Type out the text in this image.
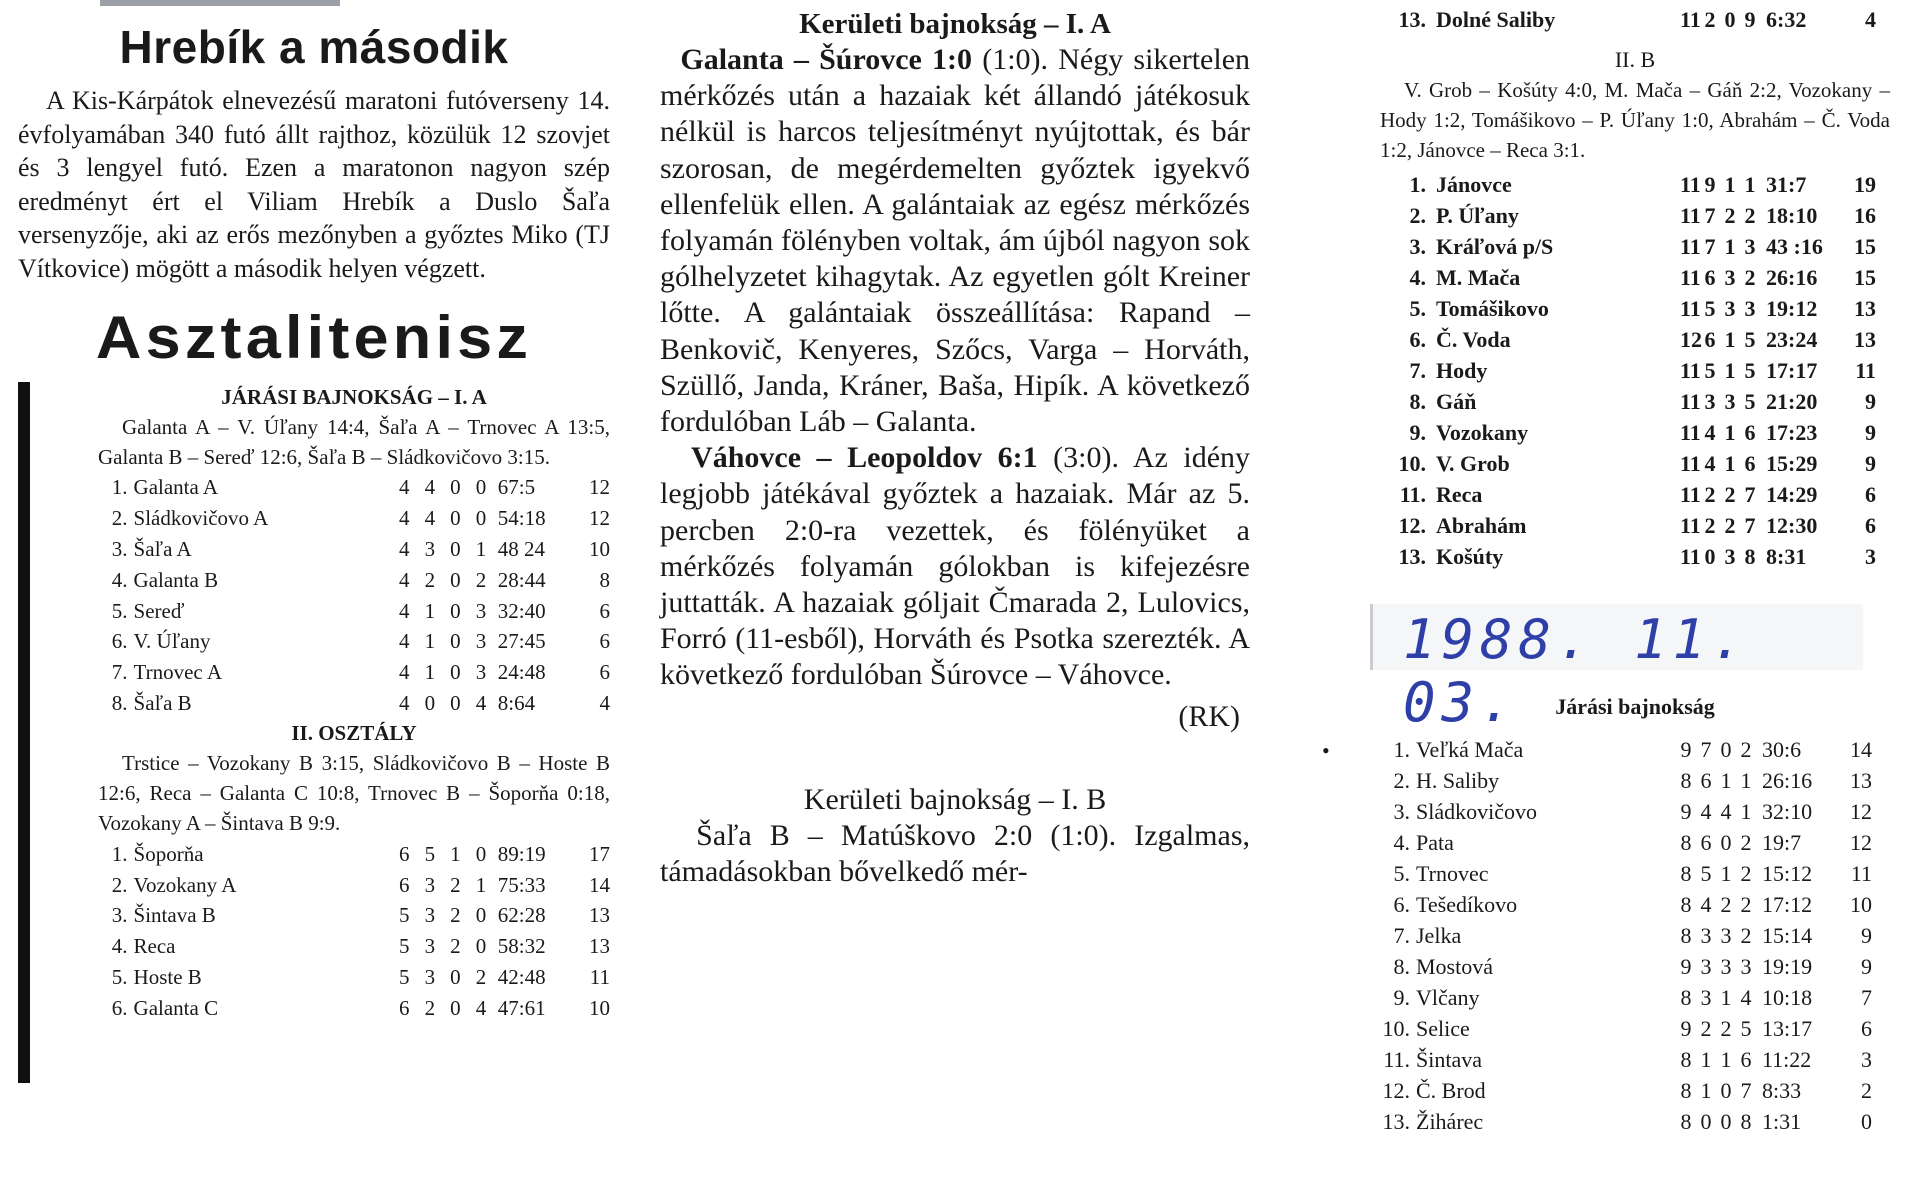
Hrebík a második

A Kis-Kárpátok elnevezésű maratoni futóverseny 14. évfolyamában 340 futó állt rajthoz, közülük 12 szovjet és 3 lengyel futó. Ezen a maratonon nagyon szép eredményt ért el Viliam Hrebík a Duslo Šaľa versenyzője, aki az erős mezőnyben a győztes Miko (TJ Vítkovice) mögött a második helyen végzett.

Asztalitenisz
JÁRÁSI BAJNOKSÁG – I. A
Galanta A – V. Úľany 14:4, Šaľa A – Trnovec A 13:5, Galanta B – Sereď 12:6, Šaľa B – Sládkovičovo 3:15.
1. Galanta A	4 4 0 0 67:5	12
2. Sládkovičovo A	4 4 0 0 54:18	12
3. Šaľa A	4 3 0 1 48 24	10
4. Galanta B	4 2 0 2 28:44	8
5. Sereď	4 1 0 3 32:40	6
6. V. Úľany	4 1 0 3 27:45	6
7. Trnovec A	4 1 0 3 24:48	6
8. Šaľa B	4 0 0 4 8:64	4
II. OSZTÁLY
Trstice – Vozokany B 3:15, Sládkovičovo B – Hoste B 12:6, Reca – Galanta C 10:8, Trnovec B – Šoporňa 0:18, Vozokany A – Šintava B 9:9.
1. Šoporňa	6 5 1 0 89:19	17
2. Vozokany A	6 3 2 1 75:33	14
3. Šintava B	5 3 2 0 62:28	13
4. Reca	5 3 2 0 58:32	13
5. Hoste B	5 3 0 2 42:48	11
6. Galanta C	6 2 0 4 47:61	10
Kerületi bajnokság – I. A

Galanta – Šúrovce 1:0 (1:0). Négy sikertelen mérkőzés után a hazaiak két állandó játékosuk nélkül is harcos teljesítményt nyújtottak, és bár szorosan, de megérdemelten győztek igyekvő ellenfelük ellen. A galántaiak az egész mérkőzés folyamán fölényben voltak, ám újból nagyon sok gólhelyzetet kihagytak. Az egyetlen gólt Kreiner lőtte. A galántaiak összeállítása: Rapand – Benkovič, Kenyeres, Szőcs, Varga – Horváth, Szüllő, Janda, Kráner, Baša, Hipík. A következő fordulóban Láb – Galanta.

Váhovce – Leopoldov 6:1 (3:0). Az idény legjobb játékával győztek a hazaiak. Már az 5. percben 2:0-ra vezettek, és fölényüket a mérkőzés folyamán gólokban is kifejezésre juttatták. A hazaiak góljait Čmarada 2, Lulovics, Forró (11-esből), Horváth és Psotka szerezték. A következő fordulóban Šúrovce – Váhovce.

(RK)
Kerületi bajnokság – I. B

Šaľa B – Matúškovo 2:0 (1:0). Izgalmas, támadásokban bővelkedő mér-

13. Dolné Saliby	11 2 0 9 6:32	4
II. B
V. Grob – Košúty 4:0, M. Mača – Gáň 2:2, Vozokany – Hody 1:2, Tomášikovo – P. Úľany 1:0, Abrahám – Č. Voda 1:2, Jánovce – Reca 3:1.
1. Jánovce	11 9 1 1 31:7	19
2. P. Úľany	11 7 2 2 18:10	16
3. Kráľová p/S	11 7 1 3 43 :16	15
4. M. Mača	11 6 3 2 26:16	15
5. Tomášikovo	11 5 3 3 19:12	13
6. Č. Voda	12 6 1 5 23:24	13
7. Hody	11 5 1 5 17:17	11
8. Gáň	11 3 3 5 21:20	9
9. Vozokany	11 4 1 6 17:23	9
10. V. Grob	11 4 1 6 15:29	9
11. Reca	11 2 2 7 14:29	6
12. Abrahám	11 2 2 7 12:30	6
13. Košúty	11 0 3 8 8:31	3
1988. 11. 03.	Járási bajnokság
•	1. Veľká Mača	9 7 0 2 30:6	14
2. H. Saliby	8 6 1 1 26:16	13
3. Sládkovičovo	9 4 4 1 32:10	12
4. Pata	8 6 0 2 19:7	12
5. Trnovec	8 5 1 2 15:12	11
6. Tešedíkovo	8 4 2 2 17:12	10
7. Jelka	8 3 3 2 15:14	9
8. Mostová	9 3 3 3 19:19	9
9. Vlčany	8 3 1 4 10:18	7
10. Selice	9 2 2 5 13:17	6
11. Šintava	8 1 1 6 11:22	3
12. Č. Brod	8 1 0 7 8:33	2
13. Žihárec	8 0 0 8 1:31	0
